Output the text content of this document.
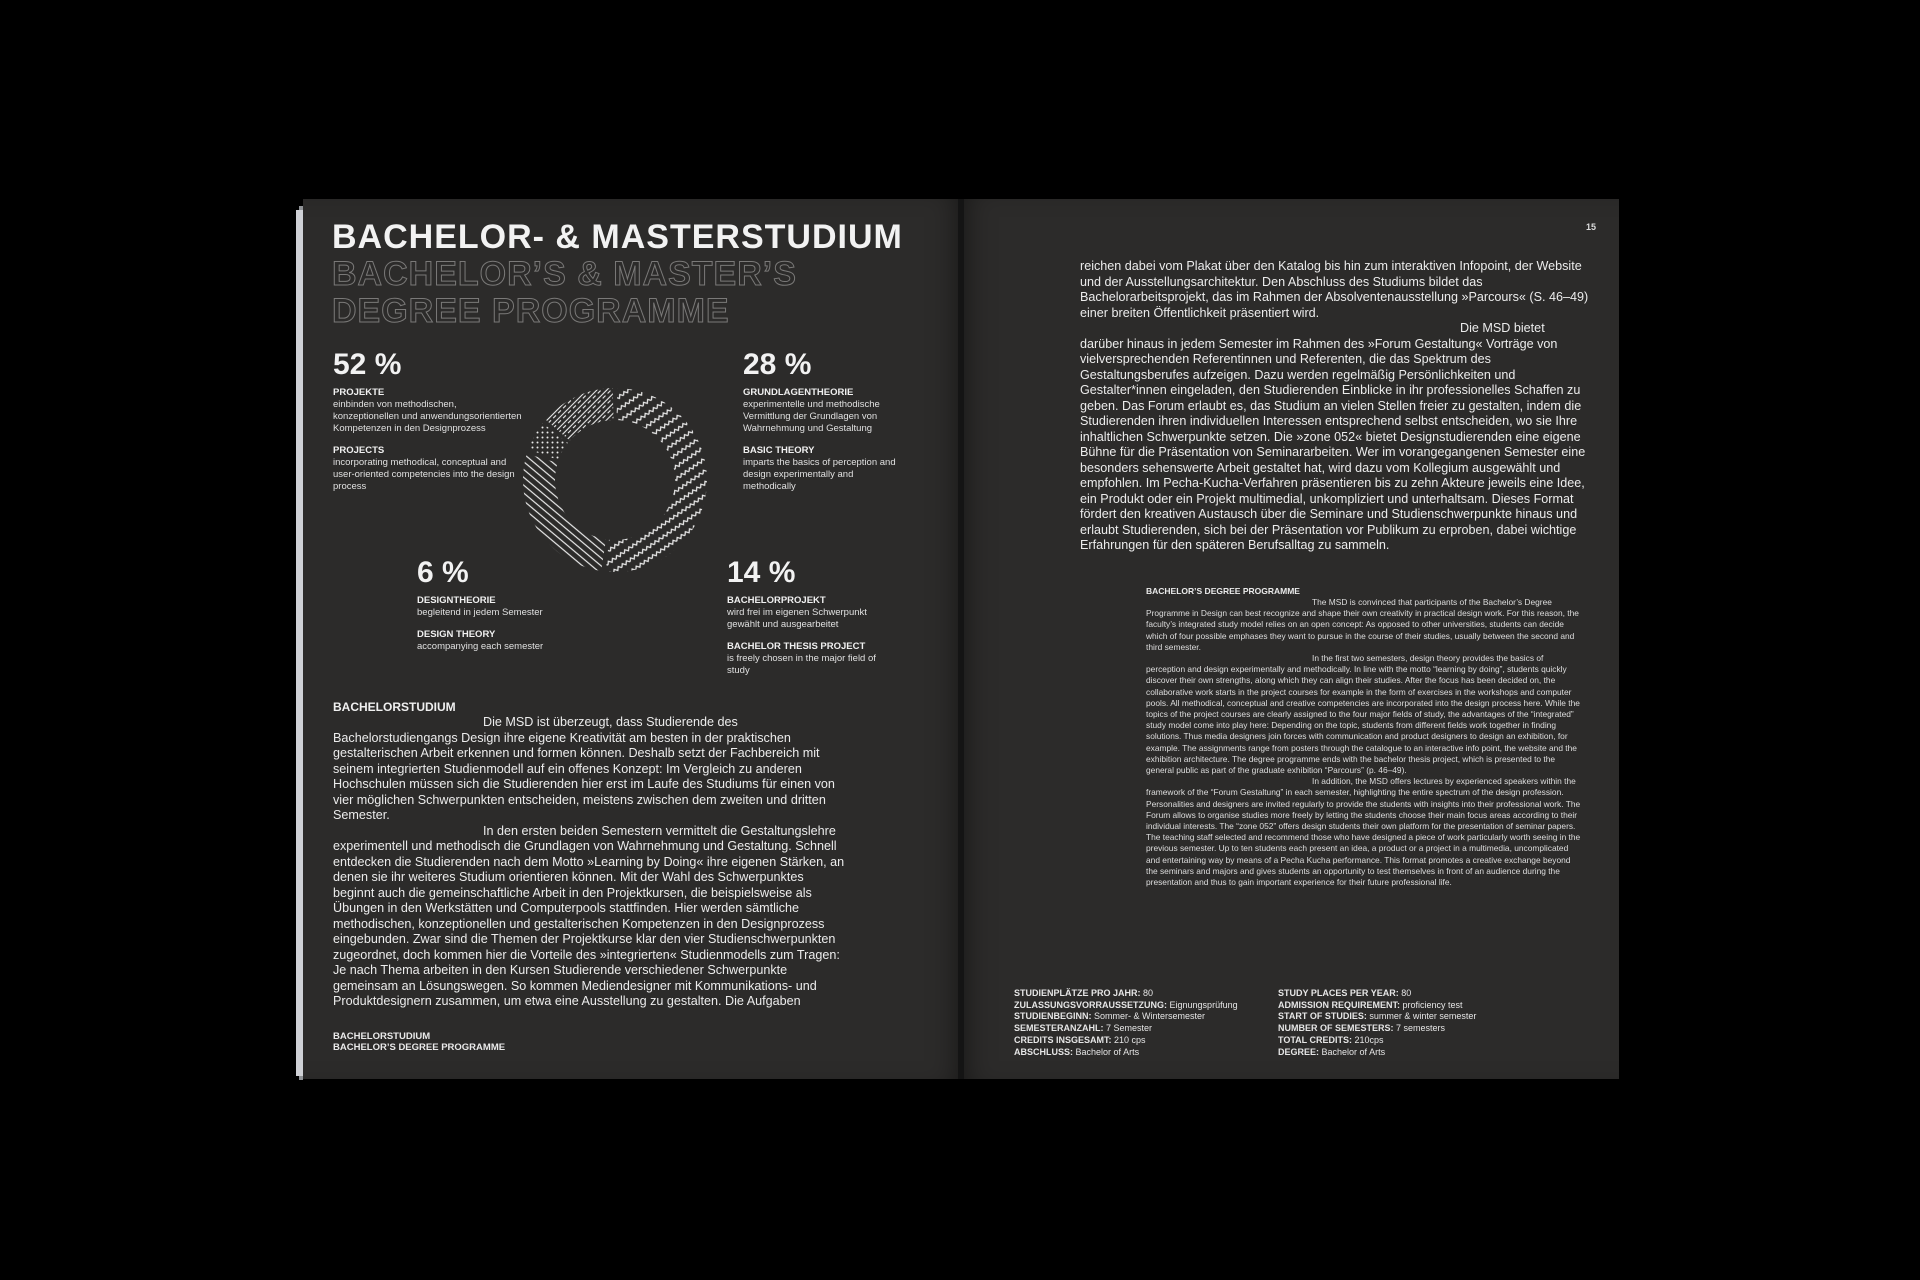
BACHELOR- & MASTERSTUDIUM
BACHELOR’S & MASTER’S DEGREE PROGRAMME
52 %
PROJEKTE
einbinden von methodischen, konzeptionellen und anwendungsorientierten Kompetenzen in den Designprozess
PROJECTS
incorporating methodical, conceptual and user-oriented competencies into the design process
28 %
GRUNDLAGENTHEORIE
experimentelle und methodische Vermittlung der Grundlagen von Wahrnehmung und Gestaltung
BASIC THEORY
imparts the basics of perception and design experimentally and methodically
6 %
DESIGNTHEORIE
begleitend in jedem Semester
DESIGN THEORY
accompanying each semester
14 %
BACHELORPROJEKT
wird frei im eigenen Schwerpunkt gewählt und ausgearbeitet
BACHELOR THESIS PROJECT
is freely chosen in the major field of study
BACHELORSTUDIUM

Die MSD ist überzeugt, dass Studierende des Bachelorstudiengangs Design ihre eigene Kreativität am besten in der praktischen gestalterischen Arbeit erkennen und formen können. Deshalb setzt der Fachbereich mit seinem integrierten Studienmodell auf ein offenes Konzept: Im Vergleich zu anderen Hochschulen müssen sich die Studierenden hier erst im Laufe des Studiums für einen von vier möglichen Schwerpunkten entscheiden, meistens zwischen dem zweiten und dritten Semester.

In den ersten beiden Semestern vermittelt die Gestaltungslehre experimentell und methodisch die Grundlagen von Wahrnehmung und Gestaltung. Schnell entdecken die Studierenden nach dem Motto »Learning by Doing« ihre eigenen Stärken, an denen sie ihr weiteres Studium orientieren können. Mit der Wahl des Schwerpunktes beginnt auch die gemeinschaftliche Arbeit in den Projektkursen, die beispielsweise als Übungen in den Werkstätten und Computerpools stattfinden. Hier werden sämtliche methodischen, konzeptionellen und gestalterischen Kompetenzen in den Designprozess eingebunden. Zwar sind die Themen der Projektkurse klar den vier Studienschwerpunkten zugeordnet, doch kommen hier die Vorteile des »integrierten« Studienmodells zum Tragen: Je nach Thema arbeiten in den Kursen Studierende verschiedener Schwerpunkte gemeinsam an Lösungswegen. So kommen Mediendesigner mit Kommunikations- und Produktdesignern zusammen, um etwa eine Ausstellung zu gestalten. Die Aufgaben

BACHELORSTUDIUM
BACHELOR’S DEGREE PROGRAMME
15

reichen dabei vom Plakat über den Katalog bis hin zum interaktiven Infopoint, der Website und der Ausstellungsarchitektur. Den Abschluss des Studiums bildet das Bachelorarbeitsprojekt, das im Rahmen der Absolventenausstellung »Parcours« (S. 46–49) einer breiten Öffentlichkeit präsentiert wird.

Die MSD bietet darüber hinaus in jedem Semester im Rahmen des »Forum Gestaltung« Vorträge von vielversprechenden Referentinnen und Referenten, die das Spektrum des Gestaltungsberufes aufzeigen. Dazu werden regelmäßig Persönlichkeiten und Gestalter*innen eingeladen, den Studierenden Einblicke in ihr professionelles Schaffen zu geben. Das Forum erlaubt es, das Studium an vielen Stellen freier zu gestalten, indem die Studierenden ihren individuellen Interessen entsprechend selbst entscheiden, wo sie Ihre inhaltlichen Schwerpunkte setzen. Die »zone 052« bietet Designstudierenden eine eigene Bühne für die Präsentation von Seminararbeiten. Wer im vorangegangenen Semester eine besonders sehenswerte Arbeit gestaltet hat, wird dazu vom Kollegium ausgewählt und empfohlen. Im Pecha-Kucha-Verfahren präsentieren bis zu zehn Akteure jeweils eine Idee, ein Produkt oder ein Projekt multimedial, unkompliziert und unterhaltsam. Dieses Format fördert den kreativen Austausch über die Seminare und Studienschwerpunkte hinaus und erlaubt Studierenden, sich bei der Präsentation vor Publikum zu erproben, dabei wichtige Erfahrungen für den späteren Berufsalltag zu sammeln.

BACHELOR’S DEGREE PROGRAMME

The MSD is convinced that participants of the Bachelor’s Degree Programme in Design can best recognize and shape their own creativity in practical design work. For this reason, the faculty’s integrated study model relies on an open concept: As opposed to other universities, students can decide which of four possible emphases they want to pursue in the course of their studies, usually between the second and third semester.

In the first two semesters, design theory provides the basics of perception and design experimentally and methodically. In line with the motto “learning by doing”, students quickly discover their own strengths, along which they can align their studies. After the focus has been decided on, the collaborative work starts in the project courses for example in the form of exercises in the workshops and computer pools. All methodical, conceptual and creative competencies are incorporated into the design process here. While the topics of the project courses are clearly assigned to the four major fields of study, the advantages of the “integrated” study model come into play here: Depending on the topic, students from different fields work together in finding solutions. Thus media designers join forces with communication and product designers to design an exhibition, for example. The assignments range from posters through the catalogue to an interactive info point, the website and the exhibition architecture. The degree programme ends with the bachelor thesis project, which is presented to the general public as part of the graduate exhibition “Parcours” (p. 46–49).

In addition, the MSD offers lectures by experienced speakers within the framework of the “Forum Gestaltung” in each semester, highlighting the entire spectrum of the design profession. Personalities and designers are invited regularly to provide the students with insights into their professional work. The Forum allows to organise studies more freely by letting the students choose their main focus areas according to their individual interests. The “zone 052” offers design students their own platform for the presentation of seminar papers. The teaching staff selected and recommend those who have designed a piece of work particularly worth seeing in the previous semester. Up to ten students each present an idea, a product or a project in a multimedia, uncomplicated and entertaining way by means of a Pecha Kucha performance. This format promotes a creative exchange beyond the seminars and majors and gives students an opportunity to test themselves in front of an audience during the presentation and thus to gain important experience for their future professional life.

STUDIENPLÄTZE PRO JAHR: 80
ZULASSUNGSVORRAUSSETZUNG: Eignungsprüfung
STUDIENBEGINN: Sommer- & Wintersemester
SEMESTERANZAHL: 7 Semester
CREDITS INSGESAMT: 210 cps
ABSCHLUSS: Bachelor of Arts
STUDY PLACES PER YEAR: 80
ADMISSION REQUIREMENT: proficiency test
START OF STUDIES: summer & winter semester
NUMBER OF SEMESTERS: 7 semesters
TOTAL CREDITS: 210cps
DEGREE: Bachelor of Arts
